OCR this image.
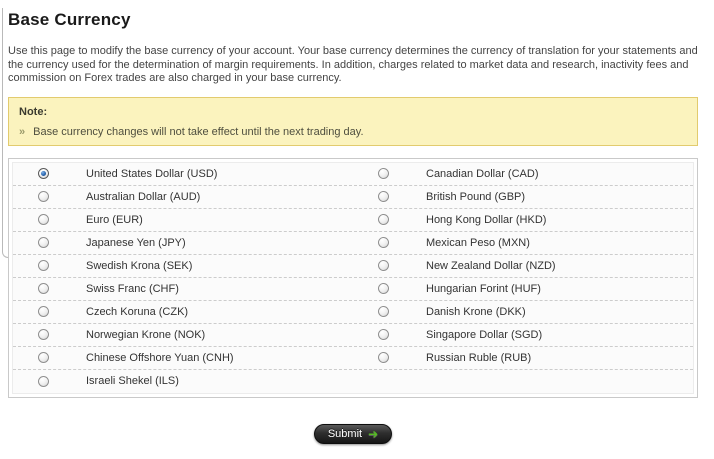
Base Currency

Use this page to modify the base currency of your account. Your base currency determines the currency of translation for your statements and the currency used for the determination of margin requirements. In addition, charges related to market data and research, inactivity fees and commission on Forex trades are also charged in your base currency.

Note:
» Base currency changes will not take effect until the next trading day.
United States Dollar (USD)	Canadian Dollar (CAD)
Australian Dollar (AUD)	British Pound (GBP)
Euro (EUR)	Hong Kong Dollar (HKD)
Japanese Yen (JPY)	Mexican Peso (MXN)
Swedish Krona (SEK)	New Zealand Dollar (NZD)
Swiss Franc (CHF)	Hungarian Forint (HUF)
Czech Koruna (CZK)	Danish Krone (DKK)
Norwegian Krone (NOK)	Singapore Dollar (SGD)
Chinese Offshore Yuan (CNH)	Russian Ruble (RUB)
Israeli Shekel (ILS)
Submit ➔
